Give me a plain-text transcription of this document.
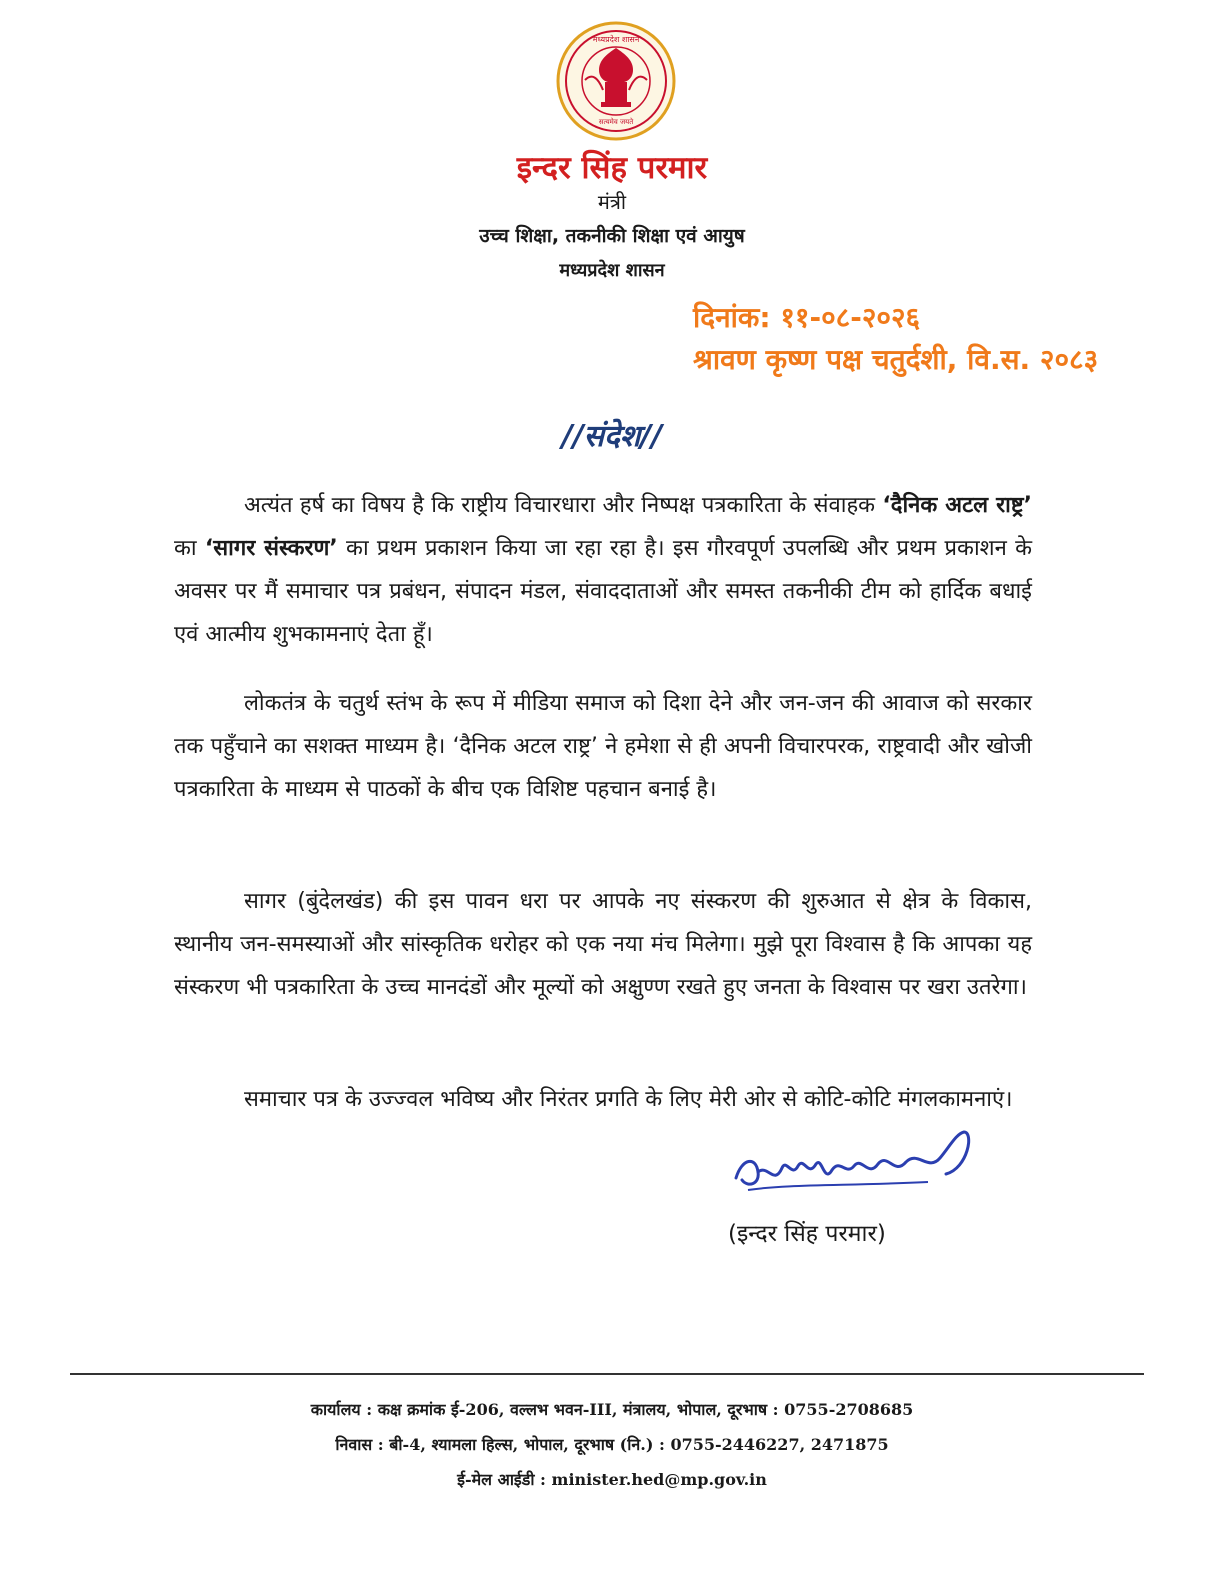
मध्यप्रदेश शासन
सत्यमेव जयते
इन्दर सिंह परमार
मंत्री
उच्च शिक्षा, तकनीकी शिक्षा एवं आयुष
मध्यप्रदेश शासन
दिनांक: ११-०८-२०२६
श्रावण कृष्ण पक्ष चतुर्दशी, वि.स. २०८३
//संदेश//

अत्यंत हर्ष का विषय है कि राष्ट्रीय विचारधारा और निष्पक्ष पत्रकारिता के संवाहक ‘दैनिक अटल राष्ट्र’ का ‘सागर संस्करण’ का प्रथम प्रकाशन किया जा रहा रहा है। इस गौरवपूर्ण उपलब्धि और प्रथम प्रकाशन के अवसर पर मैं समाचार पत्र प्रबंधन, संपादन मंडल, संवाददाताओं और समस्त तकनीकी टीम को हार्दिक बधाई एवं आत्मीय शुभकामनाएं देता हूँ।

लोकतंत्र के चतुर्थ स्तंभ के रूप में मीडिया समाज को दिशा देने और जन-जन की आवाज को सरकार तक पहुँचाने का सशक्त माध्यम है। ‘दैनिक अटल राष्ट्र’ ने हमेशा से ही अपनी विचारपरक, राष्ट्रवादी और खोजी पत्रकारिता के माध्यम से पाठकों के बीच एक विशिष्ट पहचान बनाई है।

सागर (बुंदेलखंड) की इस पावन धरा पर आपके नए संस्करण की शुरुआत से क्षेत्र के विकास, स्थानीय जन-समस्याओं और सांस्कृतिक धरोहर को एक नया मंच मिलेगा। मुझे पूरा विश्वास है कि आपका यह संस्करण भी पत्रकारिता के उच्च मानदंडों और मूल्यों को अक्षुण्ण रखते हुए जनता के विश्वास पर खरा उतरेगा।

समाचार पत्र के उज्ज्वल भविष्य और निरंतर प्रगति के लिए मेरी ओर से कोटि-कोटि मंगलकामनाएं।

(इन्दर सिंह परमार)
कार्यालय : कक्ष क्रमांक ई-206, वल्लभ भवन-III, मंत्रालय, भोपाल, दूरभाष : 0755-2708685
निवास : बी-4, श्यामला हिल्स, भोपाल, दूरभाष (नि.) : 0755-2446227, 2471875
ई-मेल आईडी : minister.hed@mp.gov.in
